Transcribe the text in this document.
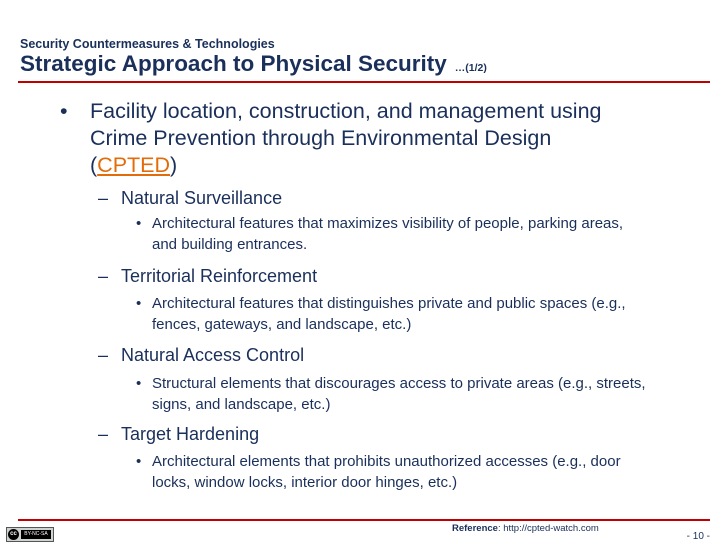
Security Countermeasures & Technologies
Strategic Approach to Physical Security …(1/2)
• Facility location, construction, and management using Crime Prevention through Environmental Design (CPTED)
– Natural Surveillance
• Architectural features that maximizes visibility of people, parking areas, and building entrances.
– Territorial Reinforcement
• Architectural features that distinguishes private and public spaces (e.g., fences, gateways, and landscape, etc.)
– Natural Access Control
• Structural elements that discourages access to private areas (e.g., streets, signs, and landscape, etc.)
– Target Hardening
• Architectural elements that prohibits unauthorized accesses (e.g., door locks, window locks, interior door hinges, etc.)
cc	BY-NC-SA	Reference: http://cpted-watch.com
- 10 -
